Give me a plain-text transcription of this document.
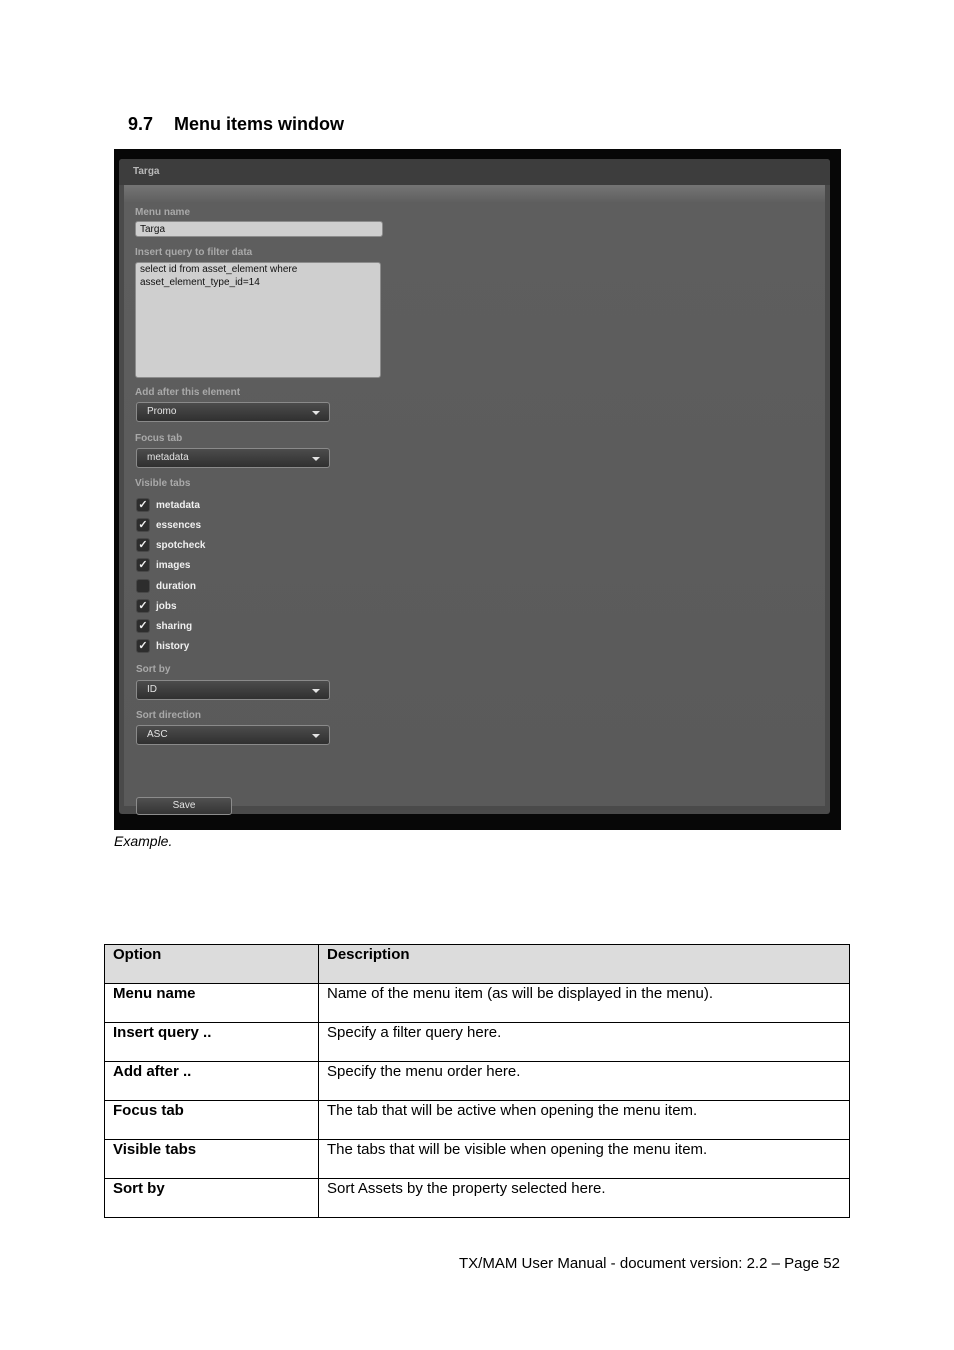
9.7 Menu items window
Targa
Menu name
Targa
Insert query to filter data
select id from asset_element where
asset_element_type_id=14
Add after this element
Promo
Focus tab
metadata
Visible tabs
✓ metadata
✓ essences
✓ spotcheck
✓ images
duration
✓ jobs
✓ sharing
✓ history
Sort by
ID
Sort direction
ASC
Save
Example.
Option	Description
Menu name	Name of the menu item (as will be displayed in the menu).
Insert query ..	Specify a filter query here.
Add after ..	Specify the menu order here.
Focus tab	The tab that will be active when opening the menu item.
Visible tabs	The tabs that will be visible when opening the menu item.
Sort by	Sort Assets by the property selected here.
TX/MAM User Manual - document version: 2.2 – Page 52
